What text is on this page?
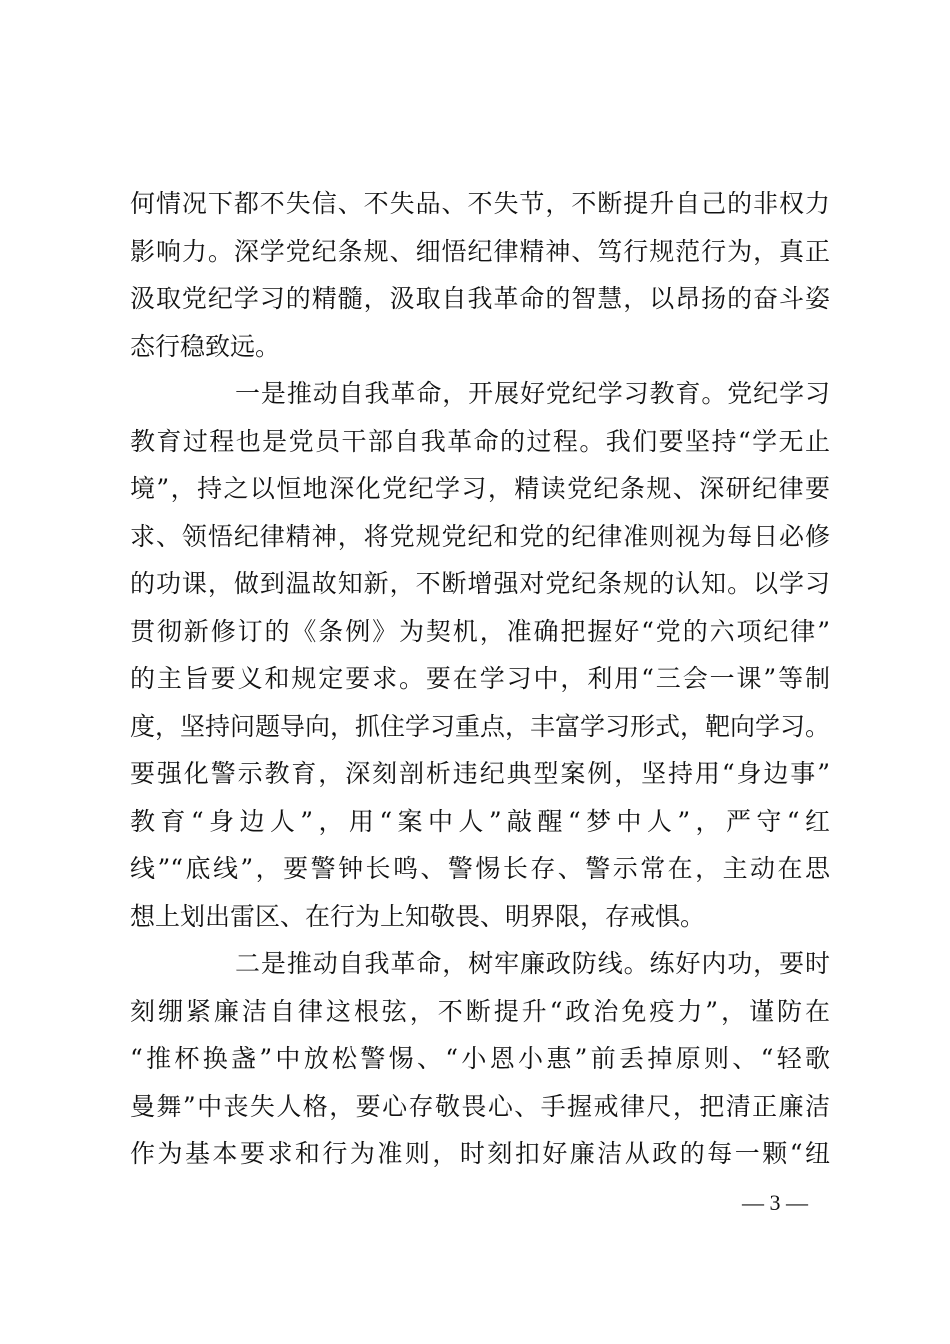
何情况下都不失信、不失品、不失节，不断提升自己的非权力
影响力。深学党纪条规、细悟纪律精神、笃行规范行为，真正
汲取党纪学习的精髓，汲取自我革命的智慧，以昂扬的奋斗姿
态行稳致远。
一是推动自我革命，开展好党纪学习教育。党纪学习
教育过程也是党员干部自我革命的过程。我们要坚持“学无止
境”，持之以恒地深化党纪学习，精读党纪条规、深研纪律要
求、领悟纪律精神，将党规党纪和党的纪律准则视为每日必修
的功课，做到温故知新，不断增强对党纪条规的认知。以学习
贯彻新修订的《条例》为契机，准确把握好“党的六项纪律”
的主旨要义和规定要求。要在学习中，利用“三会一课”等制
度，坚持问题导向，抓住学习重点，丰富学习形式，靶向学习。
要强化警示教育，深刻剖析违纪典型案例，坚持用“身边事”
教育“身边人”，用“案中人”敲醒“梦中人”，严守“红
线”“底线”，要警钟长鸣、警惕长存、警示常在，主动在思
想上划出雷区、在行为上知敬畏、明界限，存戒惧。
二是推动自我革命，树牢廉政防线。练好内功，要时
刻绷紧廉洁自律这根弦，不断提升“政治免疫力”，谨防在
“推杯换盏”中放松警惕、“小恩小惠”前丢掉原则、“轻歌
曼舞”中丧失人格，要心存敬畏心、手握戒律尺，把清正廉洁
作为基本要求和行为准则，时刻扣好廉洁从政的每一颗“纽
— 3 —
